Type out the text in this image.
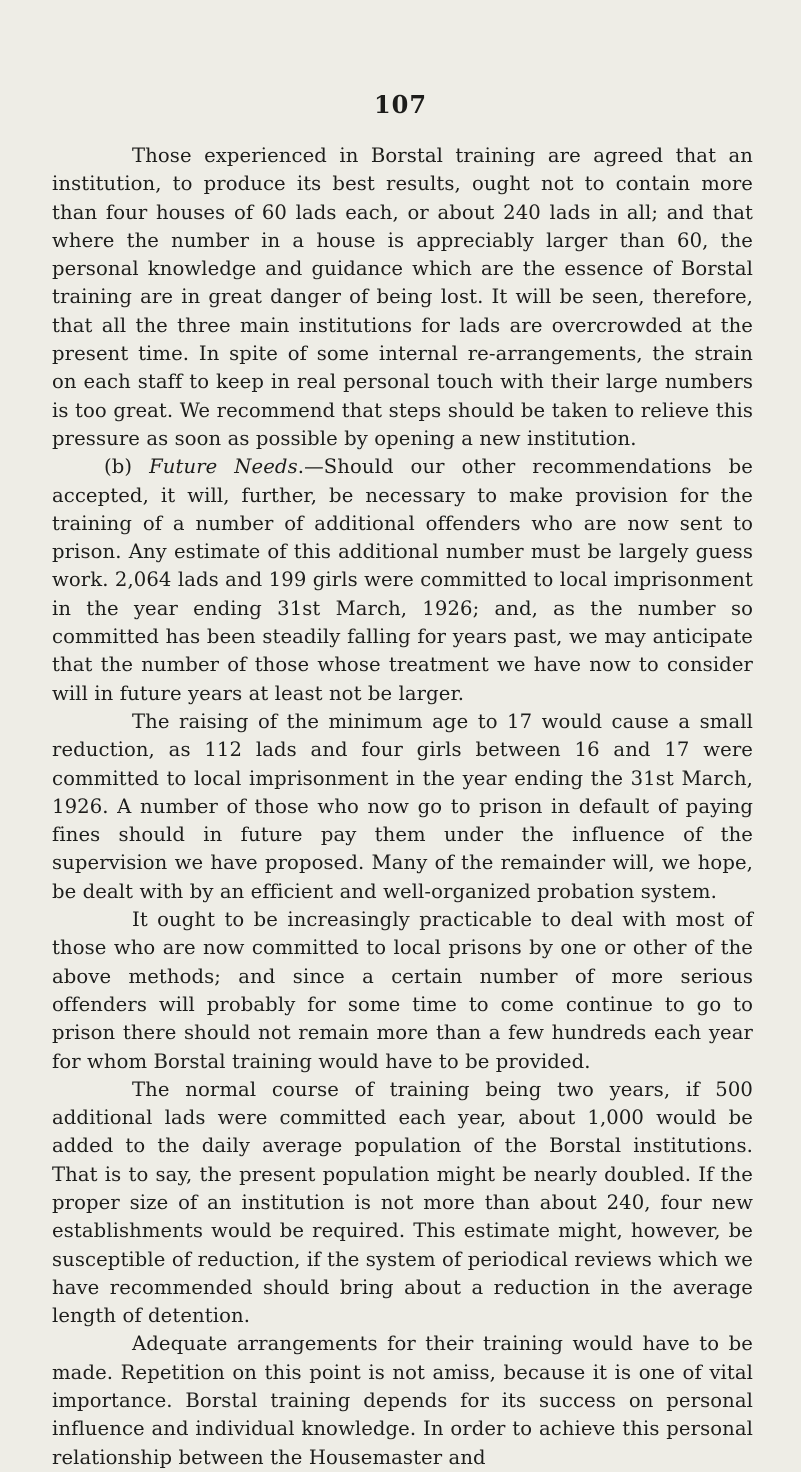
107

Those experienced in Borstal training are agreed that an institution, to produce its best results, ought not to contain more than four houses of 60 lads each, or about 240 lads in all; and that where the number in a house is appreciably larger than 60, the personal knowledge and guidance which are the essence of Borstal training are in great danger of being lost. It will be seen, therefore, that all the three main institutions for lads are overcrowded at the present time. In spite of some internal re-arrangements, the strain on each staff to keep in real personal touch with their large numbers is too great. We recommend that steps should be taken to relieve this pressure as soon as possible by opening a new institution.

(b) Future Needs.—Should our other recommendations be accepted, it will, further, be necessary to make provision for the training of a number of additional offenders who are now sent to prison. Any estimate of this additional number must be largely guess work. 2,064 lads and 199 girls were committed to local imprisonment in the year ending 31st March, 1926; and, as the number so committed has been steadily falling for years past, we may anticipate that the number of those whose treatment we have now to consider will in future years at least not be larger.

The raising of the minimum age to 17 would cause a small reduction, as 112 lads and four girls between 16 and 17 were committed to local imprisonment in the year ending the 31st March, 1926. A number of those who now go to prison in default of paying fines should in future pay them under the influence of the supervision we have proposed. Many of the remainder will, we hope, be dealt with by an efficient and well-organized probation system.

It ought to be increasingly practicable to deal with most of those who are now committed to local prisons by one or other of the above methods; and since a certain number of more serious offenders will probably for some time to come continue to go to prison there should not remain more than a few hundreds each year for whom Borstal training would have to be provided.

The normal course of training being two years, if 500 additional lads were committed each year, about 1,000 would be added to the daily average population of the Borstal institutions. That is to say, the present population might be nearly doubled. If the proper size of an institution is not more than about 240, four new establishments would be required. This estimate might, however, be susceptible of reduction, if the system of periodical reviews which we have recommended should bring about a reduction in the average length of detention.

Adequate arrangements for their training would have to be made. Repetition on this point is not amiss, because it is one of vital importance. Borstal training depends for its success on personal influence and individual knowledge. In order to achieve this personal relationship between the Housemaster and
